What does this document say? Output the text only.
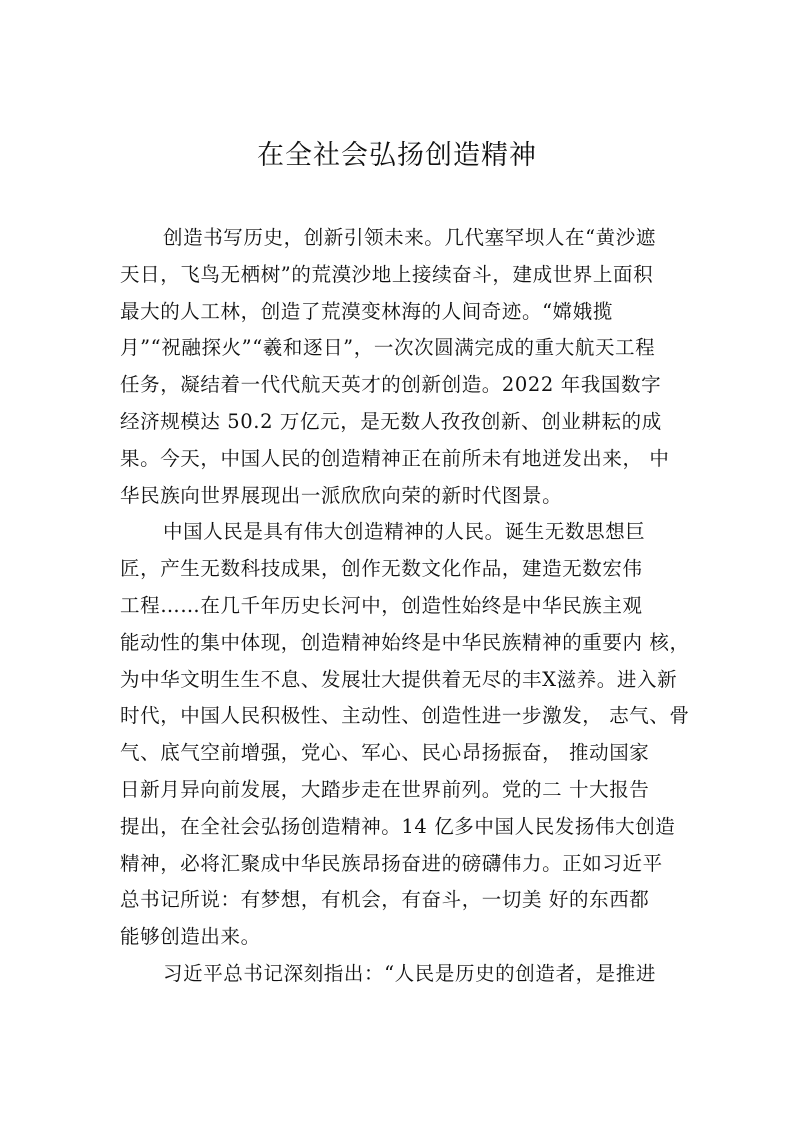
在全社会弘扬创造精神
创造书写历史，创新引领未来。几代塞罕坝人在“黄沙遮
天日，飞鸟无栖树”的荒漠沙地上接续奋斗，建成世界上面积
最大的人工林，创造了荒漠变林海的人间奇迹。“嫦娥揽
月”“祝融探火”“羲和逐日”，一次次圆满完成的重大航天工程
任务，凝结着一代代航天英才的创新创造。2022 年我国数字
经济规模达 50.2 万亿元，是无数人孜孜创新、创业耕耘的成
果。今天，中国人民的创造精神正在前所未有地迸发出来， 中
华民族向世界展现出一派欣欣向荣的新时代图景。
中国人民是具有伟大创造精神的人民。诞生无数思想巨
匠，产生无数科技成果，创作无数文化作品，建造无数宏伟
工程……在几千年历史长河中，创造性始终是中华民族主观
能动性的集中体现，创造精神始终是中华民族精神的重要内 核，
为中华文明生生不息、发展壮大提供着无尽的丰X滋养。进入新
时代，中国人民积极性、主动性、创造性进一步激发， 志气、骨
气、底气空前增强，党心、军心、民心昂扬振奋， 推动国家
日新月异向前发展，大踏步走在世界前列。党的二 十大报告
提出，在全社会弘扬创造精神。14 亿多中国人民发扬伟大创造
精神，必将汇聚成中华民族昂扬奋进的磅礴伟力。正如习近平
总书记所说：有梦想，有机会，有奋斗，一切美 好的东西都
能够创造出来。
习近平总书记深刻指出：“人民是历史的创造者，是推进
